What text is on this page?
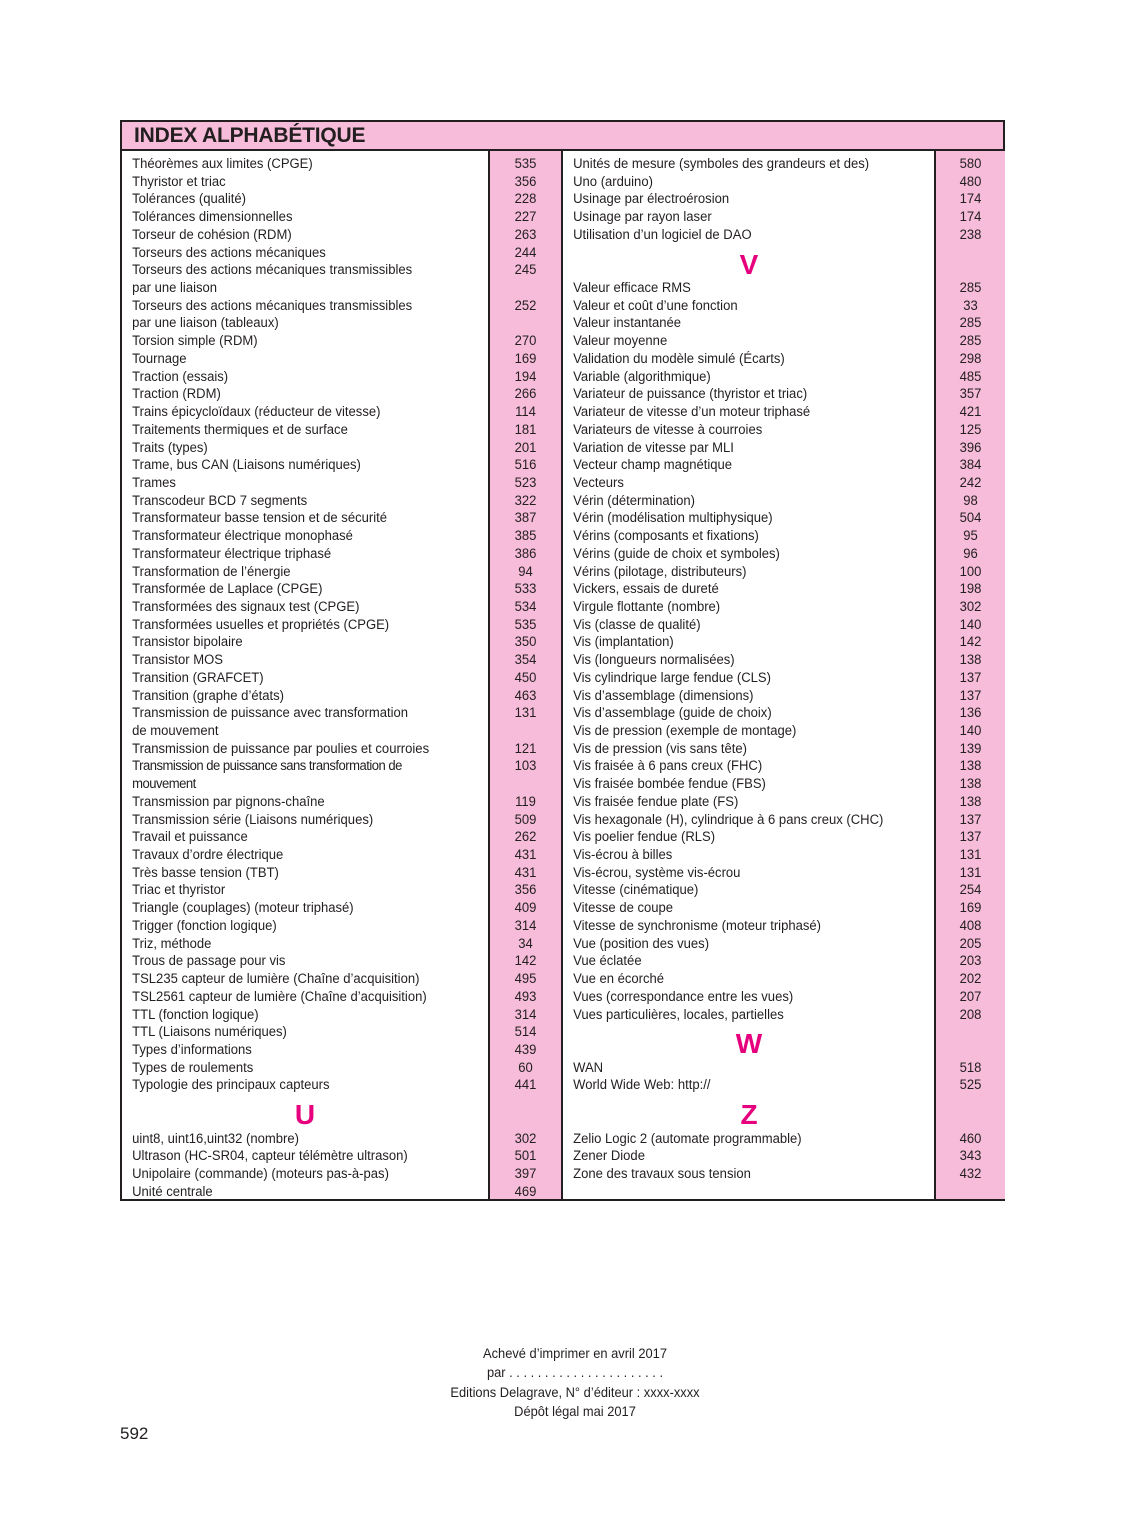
INDEX ALPHABÉTIQUE
Théorèmes aux limites (CPGE)
Thyristor et triac
Tolérances (qualité)
Tolérances dimensionnelles
Torseur de cohésion (RDM)
Torseurs des actions mécaniques
Torseurs des actions mécaniques transmissibles
par une liaison
Torseurs des actions mécaniques transmissibles
par une liaison (tableaux)
Torsion simple (RDM)
Tournage
Traction (essais)
Traction (RDM)
Trains épicycloïdaux (réducteur de vitesse)
Traitements thermiques et de surface
Traits (types)
Trame, bus CAN (Liaisons numériques)
Trames
Transcodeur BCD 7 segments
Transformateur basse tension et de sécurité
Transformateur électrique monophasé
Transformateur électrique triphasé
Transformation de l’énergie
Transformée de Laplace (CPGE)
Transformées des signaux test (CPGE)
Transformées usuelles et propriétés (CPGE)
Transistor bipolaire
Transistor MOS
Transition (GRAFCET)
Transition (graphe d’états)
Transmission de puissance avec transformation
de mouvement
Transmission de puissance par poulies et courroies
Transmission de puissance sans transformation de
mouvement
Transmission par pignons-chaîne
Transmission série (Liaisons numériques)
Travail et puissance
Travaux d’ordre électrique
Très basse tension (TBT)
Triac et thyristor
Triangle (couplages) (moteur triphasé)
Trigger (fonction logique)
Triz, méthode
Trous de passage pour vis
TSL235 capteur de lumière (Chaîne d’acquisition)
TSL2561 capteur de lumière (Chaîne d’acquisition)
TTL (fonction logique)
TTL (Liaisons numériques)
Types d’informations
Types de roulements
Typologie des principaux capteurs
U
uint8, uint16,uint32 (nombre)
Ultrason (HC-SR04, capteur télémètre ultrason)
Unipolaire (commande) (moteurs pas-à-pas)
Unité centrale
535
356
228
227
263
244
245

252

270
169
194
266
114
181
201
516
523
322
387
385
386
94
533
534
535
350
354
450
463
131

121
103

119
509
262
431
431
356
409
314
34
142
495
493
314
514
439
60
441
302
501
397
469
Unités de mesure (symboles des grandeurs et des)
Uno (arduino)
Usinage par électroérosion
Usinage par rayon laser
Utilisation d’un logiciel de DAO
V
Valeur efficace RMS
Valeur et coût d’une fonction
Valeur instantanée
Valeur moyenne
Validation du modèle simulé (Écarts)
Variable (algorithmique)
Variateur de puissance (thyristor et triac)
Variateur de vitesse d’un moteur triphasé
Variateurs de vitesse à courroies
Variation de vitesse par MLI
Vecteur champ magnétique
Vecteurs
Vérin (détermination)
Vérin (modélisation multiphysique)
Vérins (composants et fixations)
Vérins (guide de choix et symboles)
Vérins (pilotage, distributeurs)
Vickers, essais de dureté
Virgule flottante (nombre)
Vis (classe de qualité)
Vis (implantation)
Vis (longueurs normalisées)
Vis cylindrique large fendue (CLS)
Vis d’assemblage (dimensions)
Vis d’assemblage (guide de choix)
Vis de pression (exemple de montage)
Vis de pression (vis sans tête)
Vis fraisée à 6 pans creux (FHC)
Vis fraisée bombée fendue (FBS)
Vis fraisée fendue plate (FS)
Vis hexagonale (H), cylindrique à 6 pans creux (CHC)
Vis poelier fendue (RLS)
Vis-écrou à billes
Vis-écrou, système vis-écrou
Vitesse (cinématique)
Vitesse de coupe
Vitesse de synchronisme (moteur triphasé)
Vue (position des vues)
Vue éclatée
Vue en écorché
Vues (correspondance entre les vues)
Vues particulières, locales, partielles
W
WAN
World Wide Web: http://
Z
Zelio Logic 2 (automate programmable)
Zener Diode
Zone des travaux sous tension
580
480
174
174
238
285
33
285
285
298
485
357
421
125
396
384
242
98
504
95
96
100
198
302
140
142
138
137
137
136
140
139
138
138
138
137
137
131
131
254
169
408
205
203
202
207
208
518
525
460
343
432
Achevé d’imprimer en avril 2017
par . . . . . . . . . . . . . . . . . . . . . .
Editions Delagrave, N° d’éditeur : xxxx-xxxx
Dépôt légal mai 2017
592
